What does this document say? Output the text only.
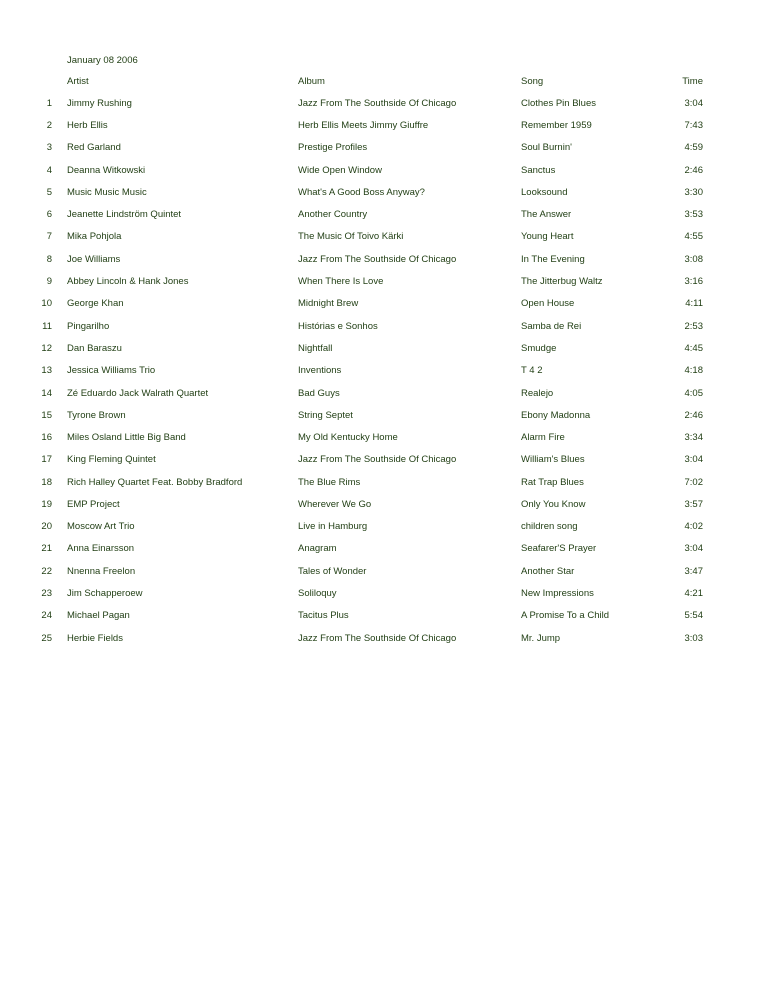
January 08 2006
Artist	Album	Song	Time
1 Jimmy Rushing	Jazz From The Southside Of Chicago	Clothes Pin Blues	3:04
2 Herb Ellis	Herb Ellis Meets Jimmy Giuffre	Remember 1959	7:43
3 Red Garland	Prestige Profiles	Soul Burnin'	4:59
4 Deanna Witkowski	Wide Open Window	Sanctus	2:46
5 Music Music Music	What's A Good Boss Anyway?	Looksound	3:30
6 Jeanette Lindström Quintet	Another Country	The Answer	3:53
7 Mika Pohjola	The Music Of Toivo Kärki	Young Heart	4:55
8 Joe Williams	Jazz From The Southside Of Chicago	In The Evening	3:08
9 Abbey Lincoln & Hank Jones	When There Is Love	The Jitterbug Waltz	3:16
10 George Khan	Midnight Brew	Open House	4:11
11 Pingarilho	Histórias e Sonhos	Samba de Rei	2:53
12 Dan Baraszu	Nightfall	Smudge	4:45
13 Jessica Williams Trio	Inventions	T 4 2	4:18
14 Zé Eduardo Jack Walrath Quartet	Bad Guys	Realejo	4:05
15 Tyrone Brown	String Septet	Ebony Madonna	2:46
16 Miles Osland Little Big Band	My Old Kentucky Home	Alarm Fire	3:34
17 King Fleming Quintet	Jazz From The Southside Of Chicago	William's Blues	3:04
18 Rich Halley Quartet Feat. Bobby Bradford	The Blue Rims	Rat Trap Blues	7:02
19 EMP Project	Wherever We Go	Only You Know	3:57
20 Moscow Art Trio	Live in Hamburg	children song	4:02
21 Anna Einarsson	Anagram	Seafarer'S Prayer	3:04
22 Nnenna Freelon	Tales of Wonder	Another Star	3:47
23 Jim Schapperoew	Soliloquy	New Impressions	4:21
24 Michael Pagan	Tacitus Plus	A Promise To a Child	5:54
25 Herbie Fields	Jazz From The Southside Of Chicago	Mr. Jump	3:03
